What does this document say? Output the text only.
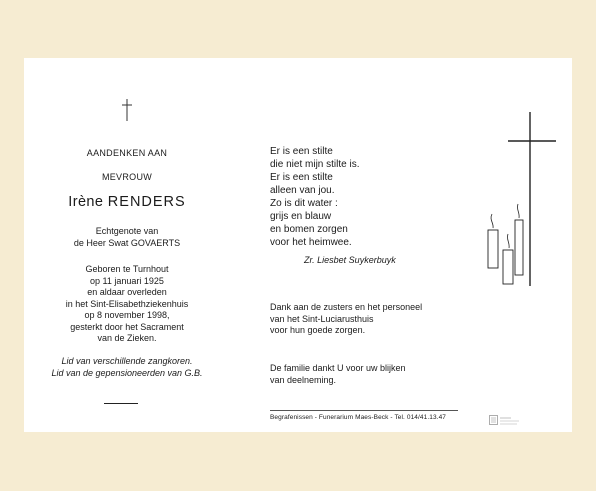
AANDENKEN AAN
MEVROUW
Irène RENDERS
Echtgenote van
de Heer Swat GOVAERTS
Geboren te Turnhout
op 11 januari 1925
en aldaar overleden
in het Sint-Elisabethziekenhuis
op 8 november 1998,
gesterkt door het Sacrament
van de Zieken.
Lid van verschillende zangkoren.
Lid van de gepensioneerden van G.B.
Er is een stilte
die niet mijn stilte is.
Er is een stilte
alleen van jou.
Zo is dit water :
grijs en blauw
en bomen zorgen
voor het heimwee.
Zr. Liesbet Suykerbuyk
Dank aan de zusters en het personeel
van het Sint-Luciarusthuis
voor hun goede zorgen.
De familie dankt U voor uw blijken
van deelneming.
Begrafenissen - Funerarium Maes-Beck - Tel. 014/41.13.47
